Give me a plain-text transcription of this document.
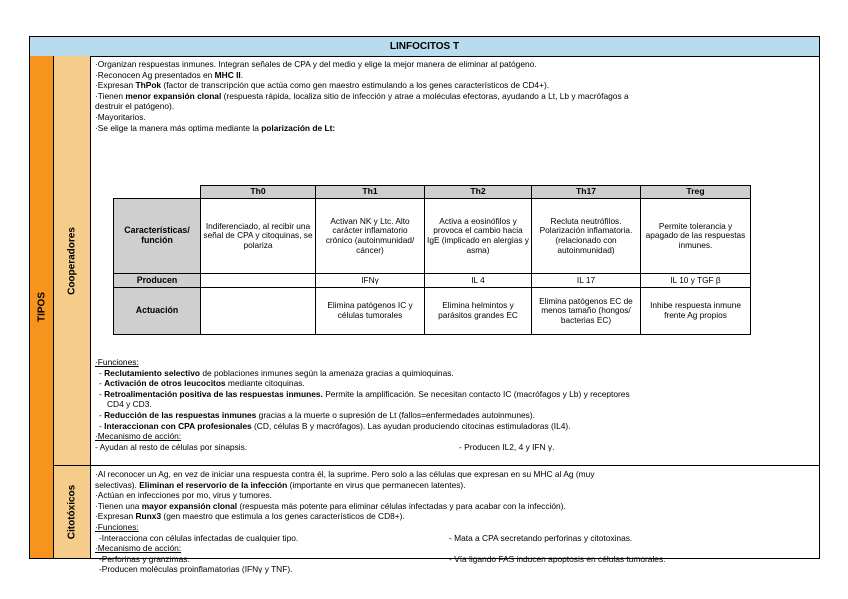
LINFOCITOS T
TIPOS
Cooperadores
Citotóxicos
·Organizan respuestas inmunes. Integran señales de CPA y del medio y elige la mejor manera de eliminar al patógeno.
·Reconocen Ag presentados en MHC II.
·Expresan ThPok (factor de transcripción que actúa como gen maestro estimulando a los genes característicos de CD4+).
·Tienen menor expansión clonal (respuesta rápida, localiza sitio de infección y atrae a moléculas efectoras, ayudando a Lt, Lb y macrófagos a
destruir el patógeno).
·Mayoritarios.
·Se elige la manera más optima mediante la polarización de Lt:
	Th0	Th1	Th2	Th17	Treg
Características/ función	Indiferenciado, al recibir una señal de CPA y citoquinas, se polariza	Activan NK y Ltc. Alto carácter inflamatorio crónico (autoinmunidad/ cáncer)	Activa a eosinófilos y provoca el cambio hacia IgE (implicado en alergias y asma)	Recluta neutrófilos. Polarización inflamatoria. (relacionado con autoinmunidad)	Permite tolerancia y apagado de las respuestas inmunes.
Producen		IFNγ	IL 4	IL 17	IL 10 y TGF β
Actuación		Elimina patógenos IC y células tumorales	Elimina helmintos y parásitos grandes EC	Elimina patógenos EC de menos tamaño (hongos/ bacterias EC)	Inhibe respuesta inmune frente Ag propios
·Funciones:
- Reclutamiento selectivo de poblaciones inmunes según la amenaza gracias a quimioquinas.
- Activación de otros leucocitos mediante citoquinas.
- Retroalimentación positiva de las respuestas inmunes. Permite la amplificación. Se necesitan contacto IC (macrófagos y Lb) y receptores
CD4 y CD3.
- Reducción de las respuestas inmunes gracias a la muerte o supresión de Lt (fallos=enfermedades autoinmunes).
- Interaccionan con CPA profesionales (CD, células B y macrófagos). Las ayudan produciendo citocinas estimuladoras (IL4).
·Mecanismo de acción:
- Ayudan al resto de células por sinapsis.	- Producen IL2, 4 y IFN γ.
·Al reconocer un Ag, en vez de iniciar una respuesta contra él, la suprime. Pero solo a las células que expresan en su MHC al Ag (muy
selectivas). Eliminan el reservorio de la infección (importante en virus que permanecen latentes).
·Actúan en infecciones por mo, virus y tumores.
·Tienen una mayor expansión clonal (respuesta más potente para eliminar células infectadas y para acabar con la infección).
·Expresan Runx3 (gen maestro que estimula a los genes característicos de CD8+).
·Funciones:
-Interacciona con células infectadas de cualquier tipo.	- Mata a CPA secretando perforinas y citotoxinas.
·Mecanismo de acción:
-Perforinas y granzimas.	- Vía ligando FAS inducen apoptosis en células tumorales.
-Producen moléculas proinflamatorias (IFNγ y TNF).
